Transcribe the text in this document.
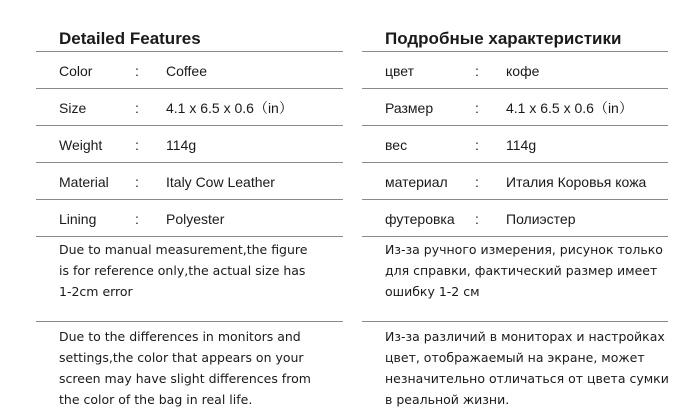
Detailed Features
Color	: Coffee
Size	: 4.1 x 6.5 x 0.6（in）
Weight : 114g
Material : Italy Cow Leather
Lining	: Polyester
Due to manual measurement,the figure
is for reference only,the actual size has
1-2cm error
Due to the differences in monitors and
settings,the color that appears on your
screen may have slight differences from
the color of the bag in real life.
Подробные характеристики
цвет	: кофе
Размер	: 4.1 x 6.5 x 0.6（in）
вес	: 114g
материал : Италия Коровья кожа
футеровка : Полиэстер
Из-за ручного измерения, рисунок только
для справки, фактический размер имеет
ошибку 1-2 см
Из-за различий в мониторах и настройках
цвет, отображаемый на экране, может
незначительно отличаться от цвета сумки
в реальной жизни.
